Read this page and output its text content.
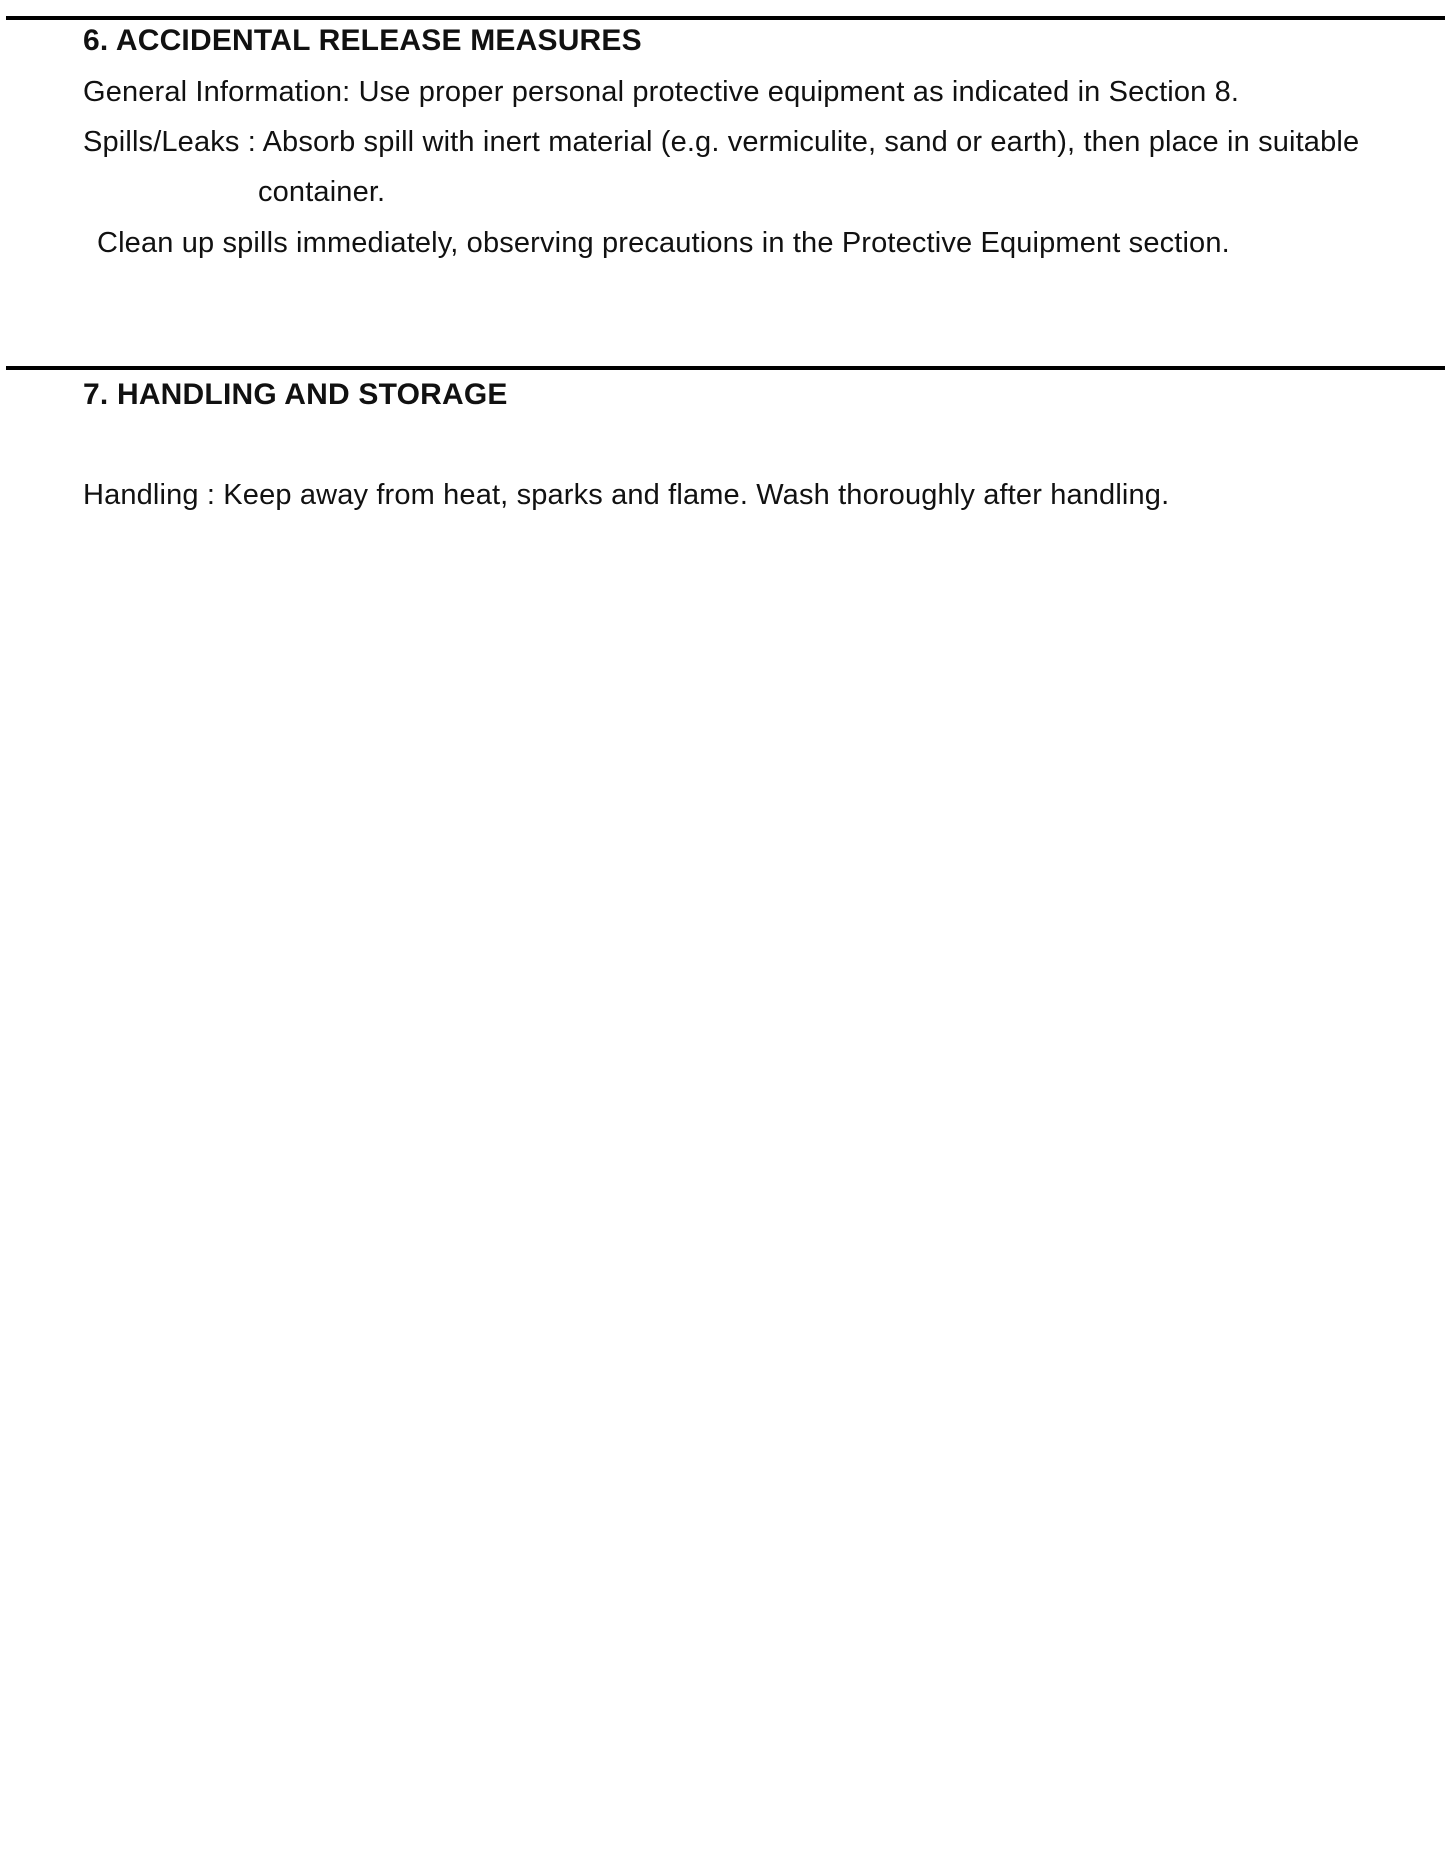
6. ACCIDENTAL RELEASE MEASURES
General Information: Use proper personal protective equipment as indicated in Section 8.
Spills/Leaks : Absorb spill with inert material (e.g. vermiculite, sand or earth), then place in suitable
container.
Clean up spills immediately, observing precautions in the Protective Equipment section.
7. HANDLING AND STORAGE
Handling : Keep away from heat, sparks and flame. Wash thoroughly after handling.
